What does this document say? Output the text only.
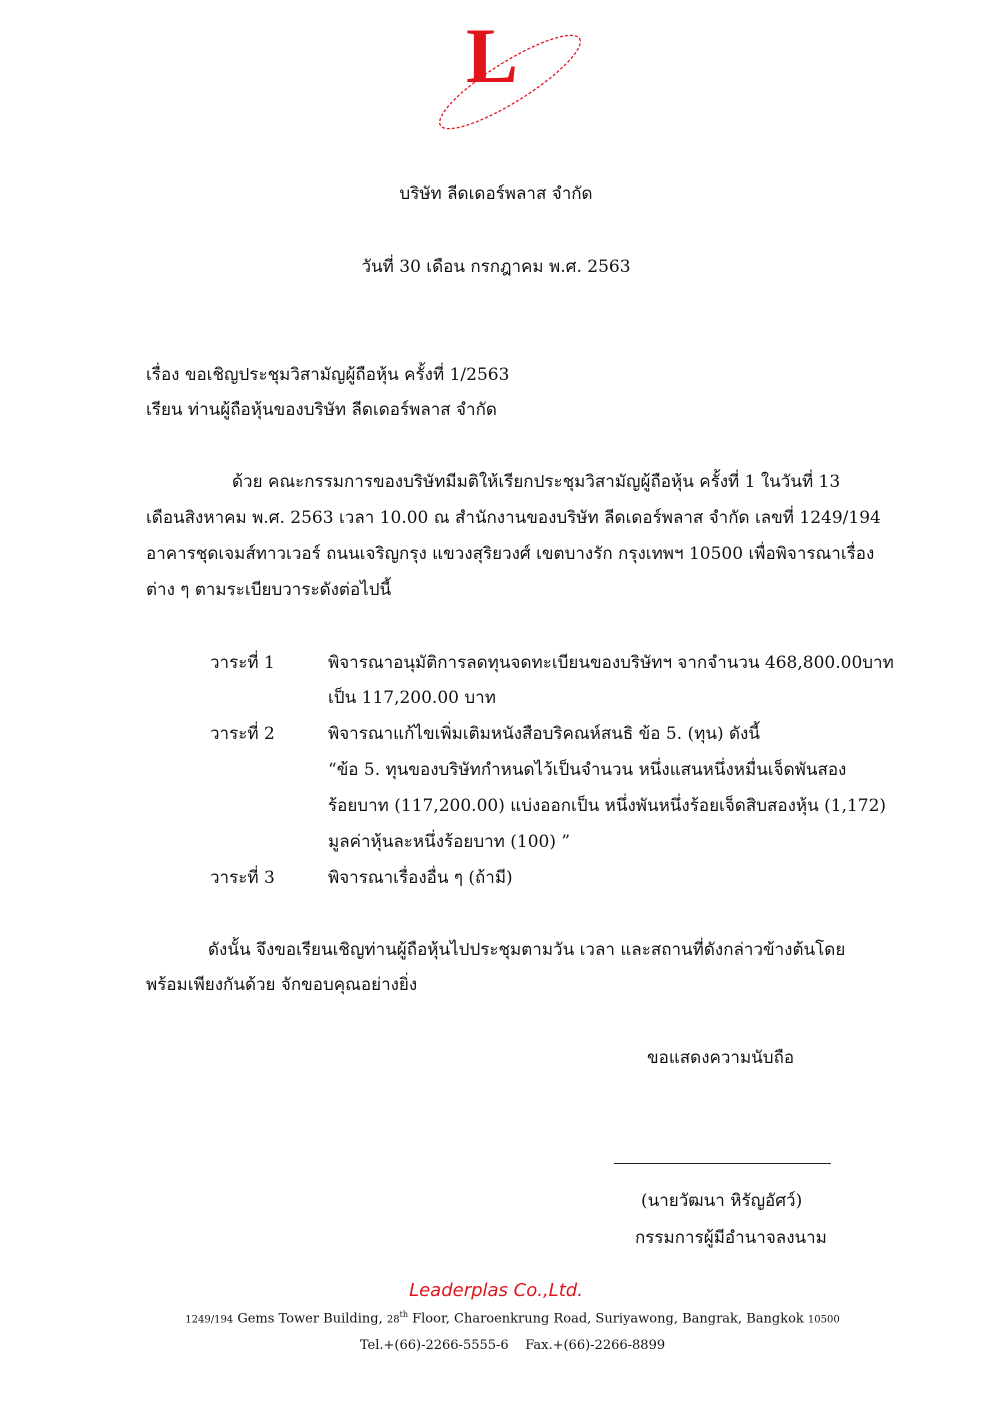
L
บริษัท ลีดเดอร์พลาส จำกัด
วันที่ 30 เดือน กรกฎาคม พ.ศ. 2563
เรื่อง ขอเชิญประชุมวิสามัญผู้ถือหุ้น ครั้งที่ 1/2563
เรียน ท่านผู้ถือหุ้นของบริษัท ลีดเดอร์พลาส จำกัด
ด้วย คณะกรรมการของบริษัทมีมติให้เรียกประชุมวิสามัญผู้ถือหุ้น ครั้งที่ 1 ในวันที่ 13
เดือนสิงหาคม พ.ศ. 2563 เวลา 10.00 ณ สำนักงานของบริษัท ลีดเดอร์พลาส จำกัด เลขที่ 1249/194
อาคารชุดเจมส์ทาวเวอร์ ถนนเจริญกรุง แขวงสุริยวงศ์ เขตบางรัก กรุงเทพฯ 10500 เพื่อพิจารณาเรื่อง
ต่าง ๆ ตามระเบียบวาระดังต่อไปนี้
วาระที่ 1	พิจารณาอนุมัติการลดทุนจดทะเบียนของบริษัทฯ จากจำนวน 468,800.00บาท
เป็น 117,200.00 บาท
วาระที่ 2	พิจารณาแก้ไขเพิ่มเติมหนังสือบริคณห์สนธิ ข้อ 5. (ทุน) ดังนี้
“ข้อ 5. ทุนของบริษัทกำหนดไว้เป็นจำนวน หนึ่งแสนหนึ่งหมื่นเจ็ดพันสอง
ร้อยบาท (117,200.00) แบ่งออกเป็น หนึ่งพันหนึ่งร้อยเจ็ดสิบสองหุ้น (1,172)
มูลค่าหุ้นละหนึ่งร้อยบาท (100) ”
วาระที่ 3	พิจารณาเรื่องอื่น ๆ (ถ้ามี)
ดังนั้น จึงขอเรียนเชิญท่านผู้ถือหุ้นไปประชุมตามวัน เวลา และสถานที่ดังกล่าวข้างต้นโดย
พร้อมเพียงกันด้วย จักขอบคุณอย่างยิ่ง
ขอแสดงความนับถือ
(นายวัฒนา หิรัญอัศว์)
กรรมการผู้มีอำนาจลงนาม
Leaderplas Co.,Ltd.
1249/194 Gems Tower Building, 28th Floor, Charoenkrung Road, Suriyawong, Bangrak, Bangkok 10500
Tel.+(66)-2266-5555-6 Fax.+(66)-2266-8899
